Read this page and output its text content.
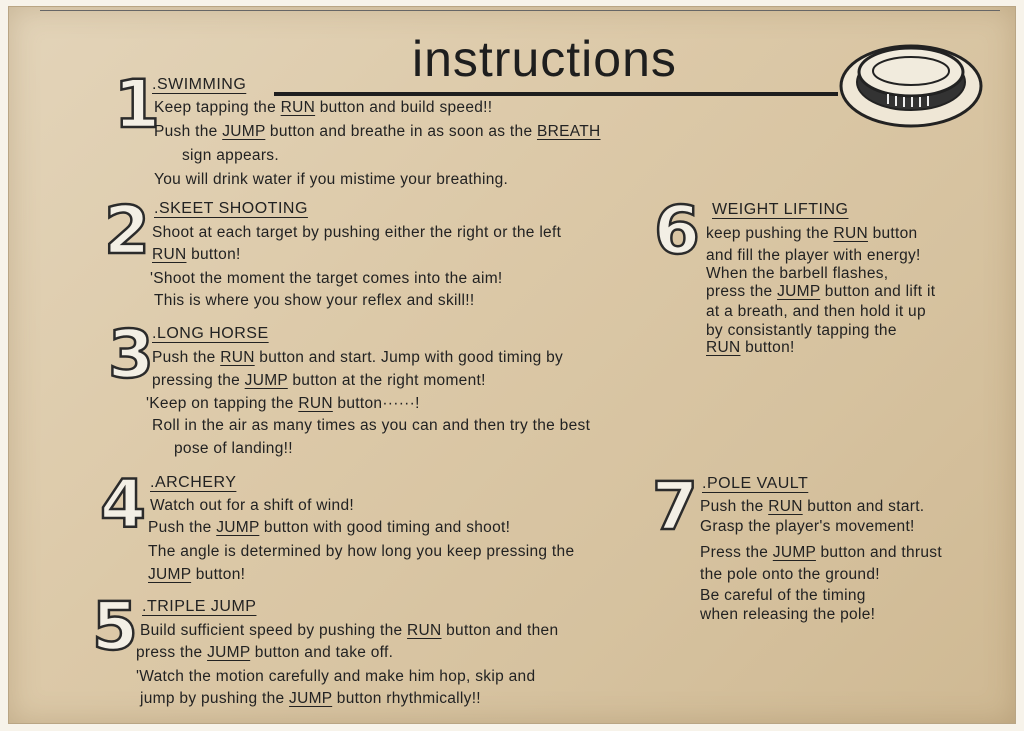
instructions
1
.SWIMMING
Keep tapping the RUN button and build speed!!
Push the JUMP button and breathe in as soon as the BREATH
sign appears.
You will drink water if you mistime your breathing.
2 .SKEET SHOOTING
Shoot at each target by pushing either the right or the left
RUN button!
'Shoot the moment the target comes into the aim!
This is where you show your reflex and skill!!
3
.LONG HORSE
Push the RUN button and start. Jump with good timing by
pressing the JUMP button at the right moment!
'Keep on tapping the RUN button······!
Roll in the air as many times as you can and then try the best
pose of landing!!
4 .ARCHERY
Watch out for a shift of wind!
Push the JUMP button with good timing and shoot!
The angle is determined by how long you keep pressing the
JUMP button!
5 .TRIPLE JUMP
Build sufficient speed by pushing the RUN button and then
press the JUMP button and take off.
'Watch the motion carefully and make him hop, skip and
jump by pushing the JUMP button rhythmically!!
6 WEIGHT LIFTING
keep pushing the RUN button
and fill the player with energy!
When the barbell flashes,
press the JUMP button and lift it
at a breath, and then hold it up
by consistantly tapping the
RUN button!
7 .POLE VAULT
Push the RUN button and start.
Grasp the player's movement!
Press the JUMP button and thrust
the pole onto the ground!
Be careful of the timing
when releasing the pole!
